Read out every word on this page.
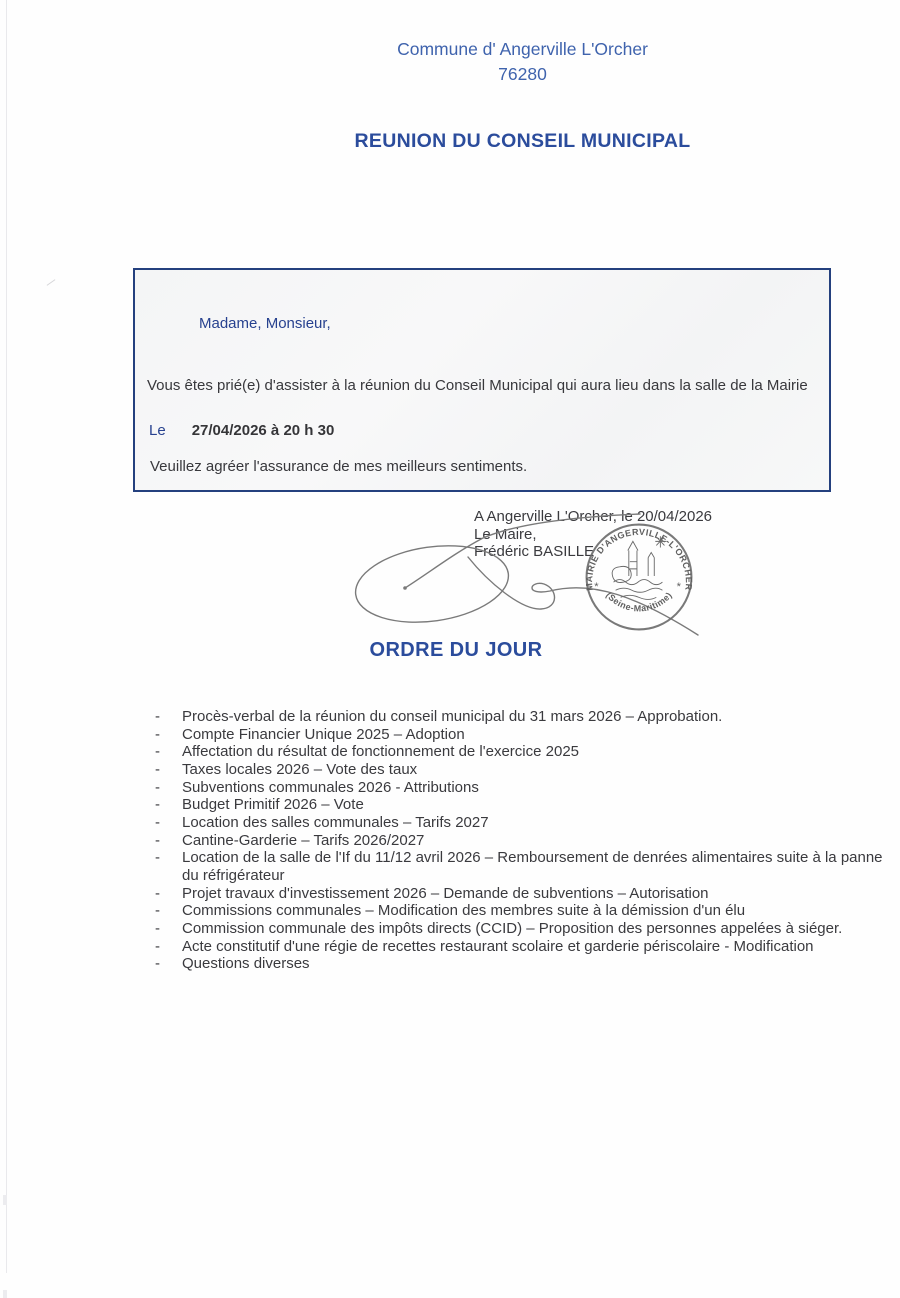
Commune d' Angerville L'Orcher
76280
REUNION DU CONSEIL MUNICIPAL
Madame, Monsieur,
Vous êtes prié(e) d'assister à la réunion du Conseil Municipal qui aura lieu dans la salle de la Mairie
Le 27/04/2026 à 20 h 30
Veuillez agréer l'assurance de mes meilleurs sentiments.
A Angerville L'Orcher, le 20/04/2026
Le Maire,
Frédéric BASILLE
MAIRIE D'ANGERVILLE-L'ORCHER
(Seine-Maritime)
*	*
ORDRE DU JOUR
-	Procès-verbal de la réunion du conseil municipal du 31 mars 2026 – Approbation.
-	Compte Financier Unique 2025 – Adoption
-	Affectation du résultat de fonctionnement de l'exercice 2025
-	Taxes locales 2026 – Vote des taux
-	Subventions communales 2026 - Attributions
-	Budget Primitif 2026 – Vote
-	Location des salles communales – Tarifs 2027
-	Cantine-Garderie – Tarifs 2026/2027
-	Location de la salle de l'If du 11/12 avril 2026 – Remboursement de denrées alimentaires suite à la panne du réfrigérateur
-	Projet travaux d'investissement 2026 – Demande de subventions – Autorisation
-	Commissions communales – Modification des membres suite à la démission d'un élu
-	Commission communale des impôts directs (CCID) – Proposition des personnes appelées à siéger.
-	Acte constitutif d'une régie de recettes restaurant scolaire et garderie périscolaire - Modification
-	Questions diverses
